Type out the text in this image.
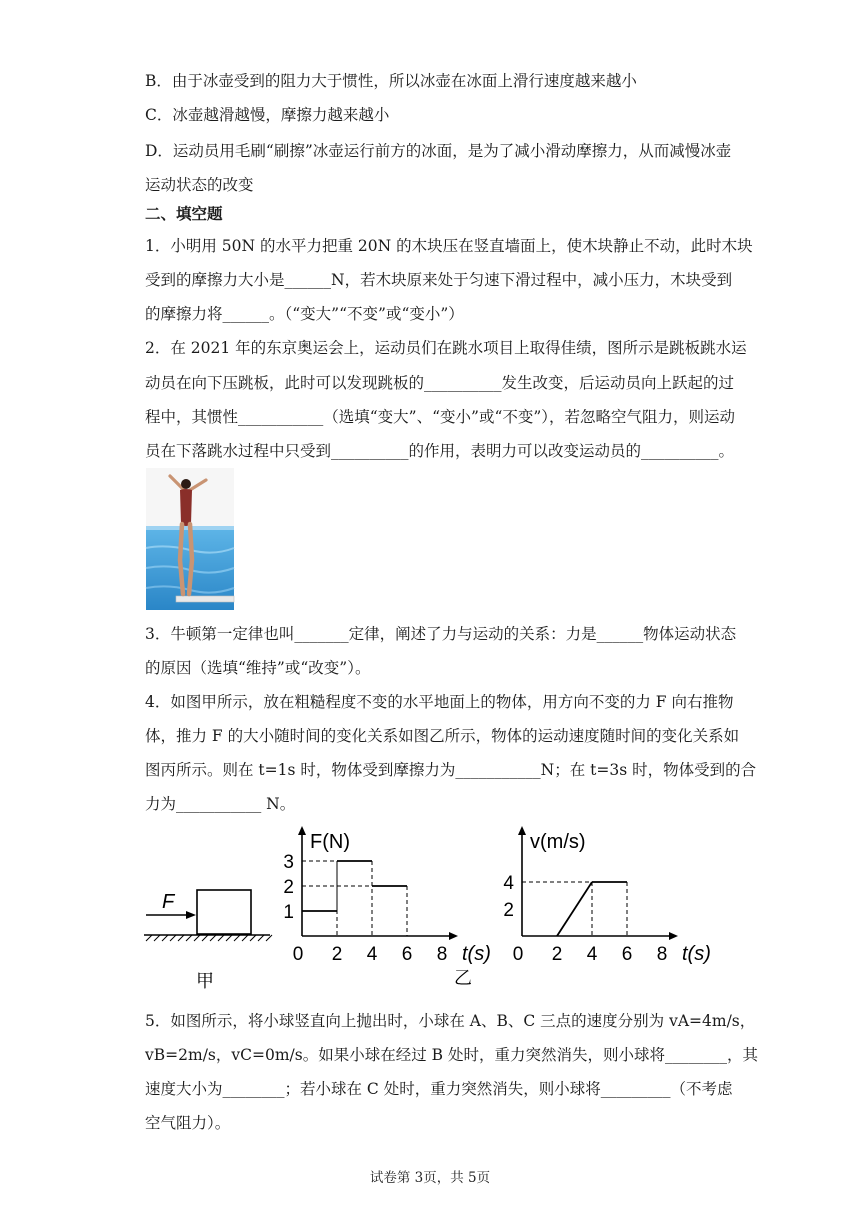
B．由于冰壶受到的阻力大于惯性，所以冰壶在冰面上滑行速度越来越小
C．冰壶越滑越慢，摩擦力越来越小
D．运动员用毛刷“刷擦”冰壶运行前方的冰面，是为了减小滑动摩擦力，从而减慢冰壶
运动状态的改变
二、填空题
1．小明用 50N 的水平力把重 20N 的木块压在竖直墙面上，使木块静止不动，此时木块
受到的摩擦力大小是______N，若木块原来处于匀速下滑过程中，减小压力，木块受到
的摩擦力将______。（“变大”“不变”或“变小”）
2．在 2021 年的东京奥运会上，运动员们在跳水项目上取得佳绩，图所示是跳板跳水运
动员在向下压跳板，此时可以发现跳板的__________发生改变，后运动员向上跃起的过
程中，其惯性___________（选填“变大”、“变小”或“不变”），若忽略空气阻力，则运动
员在下落跳水过程中只受到__________的作用，表明力可以改变运动员的__________。
3．牛顿第一定律也叫_______定律，阐述了力与运动的关系：力是______物体运动状态
的原因（选填“维持”或“改变”）。
4．如图甲所示，放在粗糙程度不变的水平地面上的物体，用方向不变的力 F 向右推物
体，推力 F 的大小随时间的变化关系如图乙所示，物体的运动速度随时间的变化关系如
图丙所示。则在 t=1s 时，物体受到摩擦力为___________N；在 t=3s 时，物体受到的合
力为___________ N。
F
甲
0 2 4 6 8
1
2
3
t(s)
F(N)
乙
0 2 4 6 8
2
4
t(s)
v(m/s)
5．如图所示，将小球竖直向上抛出时，小球在 A、B、C 三点的速度分别为 vA=4m/s，
vB=2m/s，vC=0m/s。如果小球在经过 B 处时，重力突然消失，则小球将________，其
速度大小为________；若小球在 C 处时，重力突然消失，则小球将_________（不考虑
空气阻力）。
试卷第 3页，共 5页
